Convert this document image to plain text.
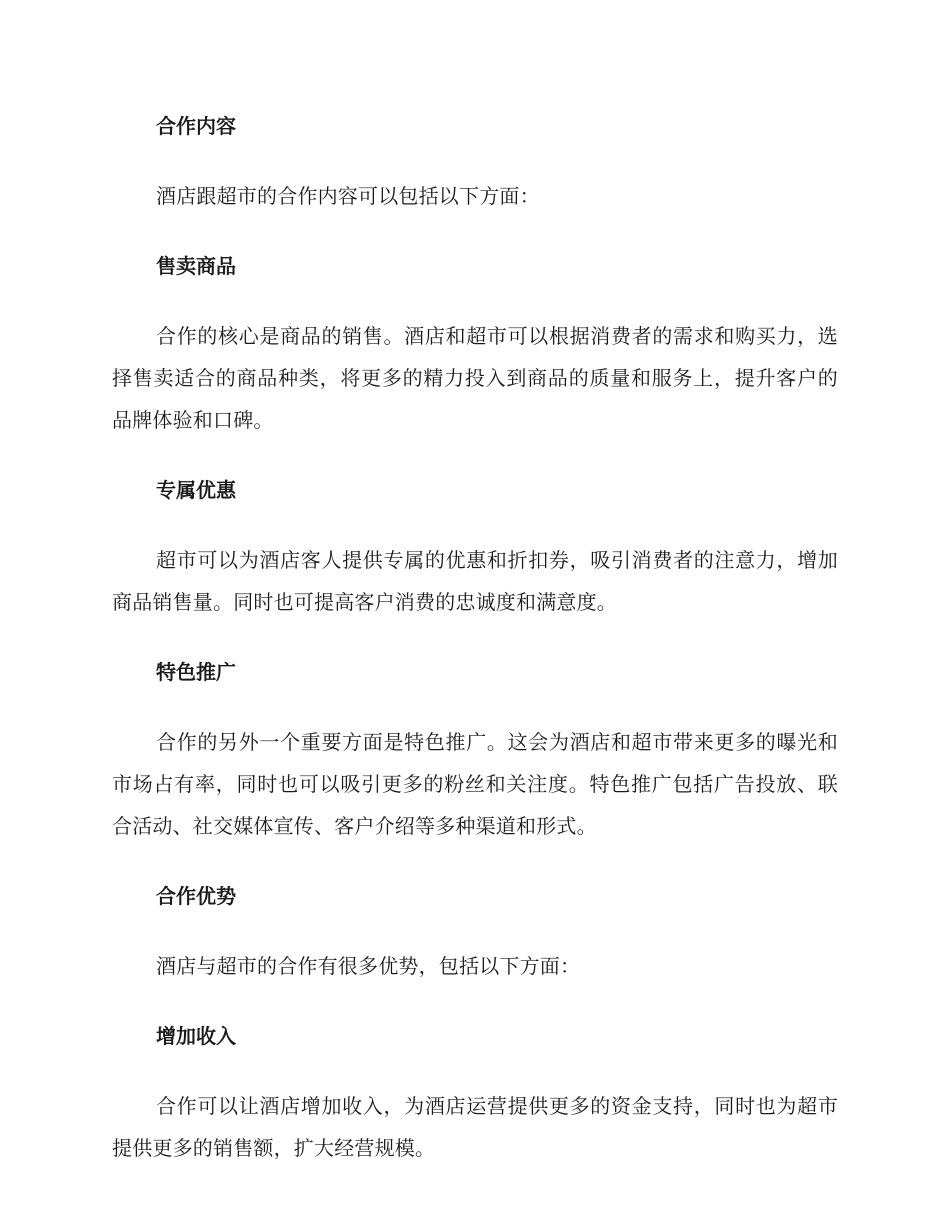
合作内容

酒店跟超市的合作内容可以包括以下方面：

售卖商品

合作的核心是商品的销售。酒店和超市可以根据消费者的需求和购买力，选择售卖适合的商品种类，将更多的精力投入到商品的质量和服务上，提升客户的品牌体验和口碑。

专属优惠

超市可以为酒店客人提供专属的优惠和折扣券，吸引消费者的注意力，增加商品销售量。同时也可提高客户消费的忠诚度和满意度。

特色推广

合作的另外一个重要方面是特色推广。这会为酒店和超市带来更多的曝光和市场占有率，同时也可以吸引更多的粉丝和关注度。特色推广包括广告投放、联合活动、社交媒体宣传、客户介绍等多种渠道和形式。

合作优势

酒店与超市的合作有很多优势，包括以下方面：

增加收入

合作可以让酒店增加收入，为酒店运营提供更多的资金支持，同时也为超市提供更多的销售额，扩大经营规模。
